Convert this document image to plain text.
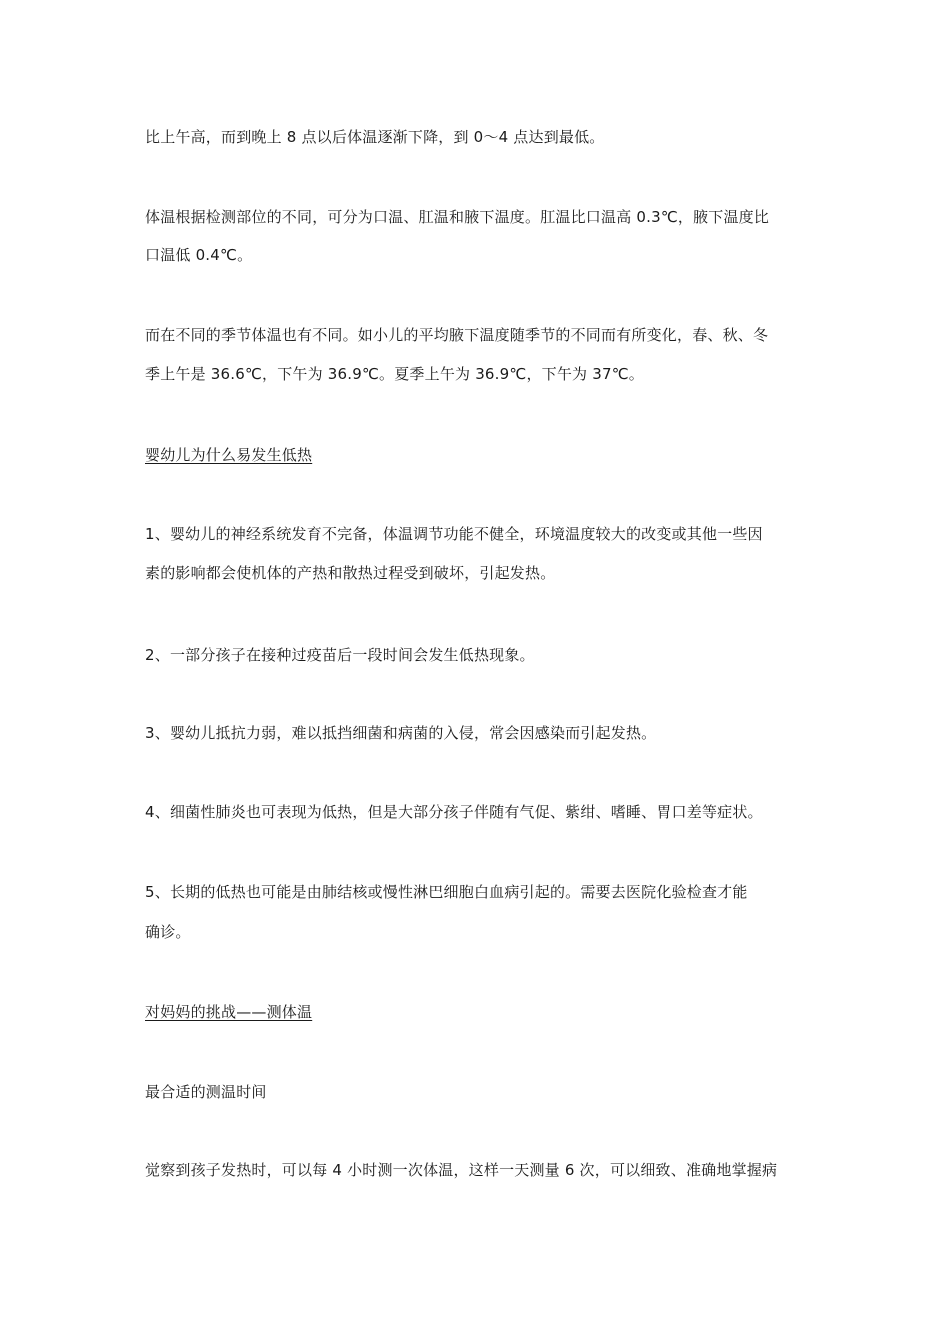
比上午高，而到晚上 8 点以后体温逐渐下降，到 0～4 点达到最低。
体温根据检测部位的不同，可分为口温、肛温和腋下温度。肛温比口温高 0.3℃，腋下温度比
口温低 0.4℃。
而在不同的季节体温也有不同。如小儿的平均腋下温度随季节的不同而有所变化，春、秋、冬
季上午是 36.6℃，下午为 36.9℃。夏季上午为 36.9℃，下午为 37℃。
婴幼儿为什么易发生低热
1、婴幼儿的神经系统发育不完备，体温调节功能不健全，环境温度较大的改变或其他一些因
素的影响都会使机体的产热和散热过程受到破坏，引起发热。
2、一部分孩子在接种过疫苗后一段时间会发生低热现象。
3、婴幼儿抵抗力弱，难以抵挡细菌和病菌的入侵，常会因感染而引起发热。
4、细菌性肺炎也可表现为低热，但是大部分孩子伴随有气促、紫绀、嗜睡、胃口差等症状。
5、长期的低热也可能是由肺结核或慢性淋巴细胞白血病引起的。需要去医院化验检查才能
确诊。
对妈妈的挑战——测体温
最合适的测温时间
觉察到孩子发热时，可以每 4 小时测一次体温，这样一天测量 6 次，可以细致、准确地掌握病
